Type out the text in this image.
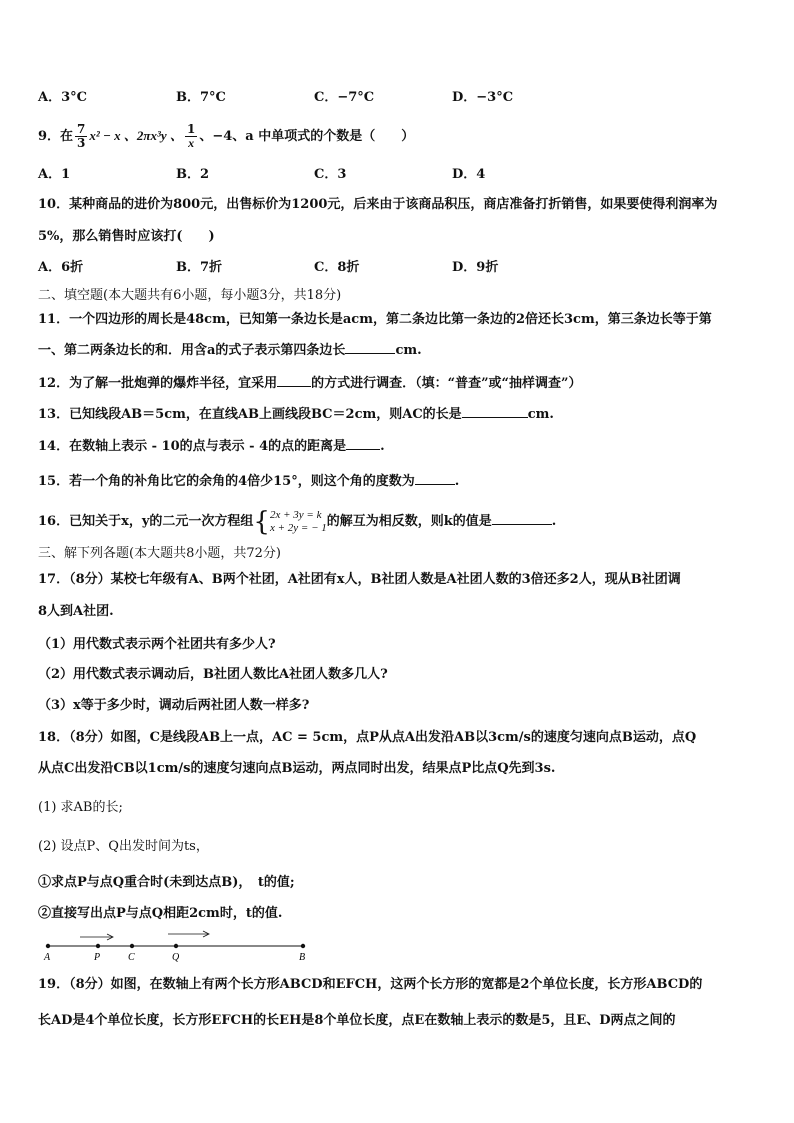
A．3°C	B．7°C	C．−7°C	D．−3°C
9．在 $\frac{7}{3} x^2 - x$ 、2πx³y 、 $\frac{1}{x}$ 、−4、a 中单项式的个数是（　　）
A．1	B．2	C．3	D．4
10．某种商品的进价为800元，出售标价为1200元，后来由于该商品积压，商店准备打折销售，如果要使得利润率为
5%，那么销售时应该打(　　)
A．6折	B．7折	C．8折	D．9折
二、填空题(本大题共有6小题，每小题3分，共18分)
11．一个四边形的周长是48cm，已知第一条边长是acm，第二条边比第一条边的2倍还长3cm，第三条边长等于第
一、第二两条边长的和．用含a的式子表示第四条边长	cm.
12．为了解一批炮弹的爆炸半径，宜采用	的方式进行调查．（填：“普查”或“抽样调查”）
13．已知线段AB＝5cm，在直线AB上画线段BC＝2cm，则AC的长是	cm.
14．在数轴上表示 - 10的点与表示 - 4的点的距离是	.
15．若一个角的补角比它的余角的4倍少15°，则这个角的度数为	.
16．已知关于x，y的二元一次方程组{ 2x + 3y = k
x + 2y = − 1 的解互为相反数，则k的值是	.
三、解下列各题(本大题共8小题，共72分)
17．（8分）某校七年级有A、B两个社团，A社团有x人，B社团人数是A社团人数的3倍还多2人，现从B社团调
8人到A社团.
（1）用代数式表示两个社团共有多少人?
（2）用代数式表示调动后，B社团人数比A社团人数多几人?
（3）x等于多少时，调动后两社团人数一样多?
18．（8分）如图，C是线段AB上一点，AC = 5cm，点P从点A出发沿AB以3cm/s的速度匀速向点B运动，点Q
从点C出发沿CB以1cm/s的速度匀速向点B运动，两点同时出发，结果点P比点Q先到3s.
(1) 求AB的长;
(2) 设点P、Q出发时间为ts，
①求点P与点Q重合时(未到达点B)，　t的值;
②直接写出点P与点Q相距2cm时，t的值.
A	P	C	Q	B
19．（8分）如图，在数轴上有两个长方形ABCD和EFCH，这两个长方形的宽都是2个单位长度，长方形ABCD的
长AD是4个单位长度，长方形EFCH的长EH是8个单位长度，点E在数轴上表示的数是5，且E、D两点之间的
